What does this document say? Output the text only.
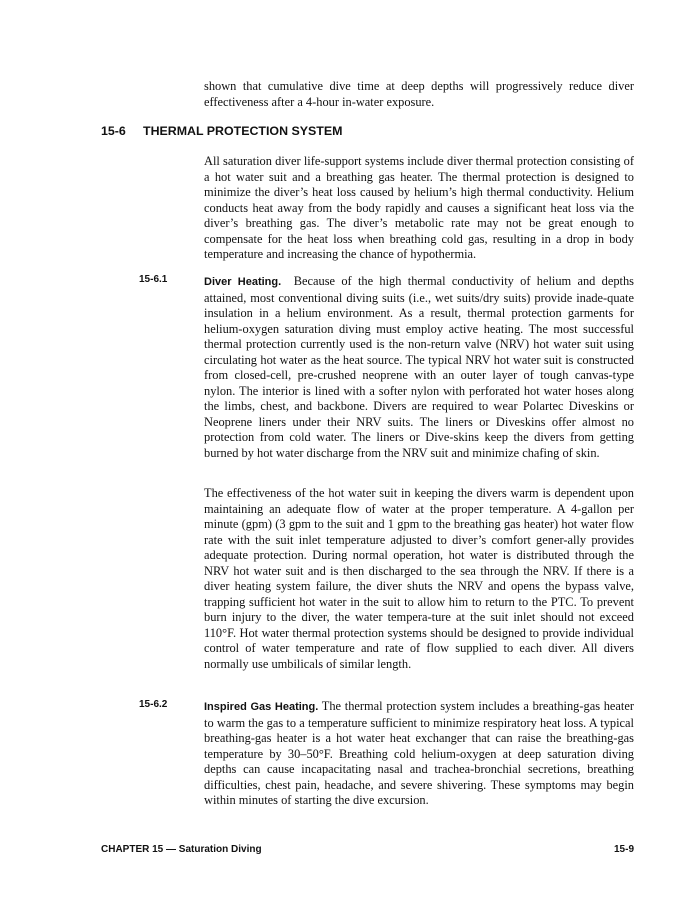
shown that cumulative dive time at deep depths will progressively reduce diver effectiveness after a 4-hour in-water exposure.

15-6 THERMAL PROTECTION SYSTEM

All saturation diver life-support systems include diver thermal protection consisting of a hot water suit and a breathing gas heater. The thermal protection is designed to minimize the diver’s heat loss caused by helium’s high thermal conductivity. Helium conducts heat away from the body rapidly and causes a significant heat loss via the diver’s breathing gas. The diver’s metabolic rate may not be great enough to compensate for the heat loss when breathing cold gas, resulting in a drop in body temperature and increasing the chance of hypothermia.

15-6.1	Diver Heating. Because of the high thermal conductivity of helium and depths attained, most conventional diving suits (i.e., wet suits/dry suits) provide inade-quate insulation in a helium environment. As a result, thermal protection garments for helium-oxygen saturation diving must employ active heating. The most successful thermal protection currently used is the non-return valve (NRV) hot water suit using circulating hot water as the heat source. The typical NRV hot water suit is constructed from closed-cell, pre-crushed neoprene with an outer layer of tough canvas-type nylon. The interior is lined with a softer nylon with perforated hot water hoses along the limbs, chest, and backbone. Divers are required to wear Polartec Diveskins or Neoprene liners under their NRV suits. The liners or Diveskins offer almost no protection from cold water. The liners or Dive-skins keep the divers from getting burned by hot water discharge from the NRV suit and minimize chafing of skin.

The effectiveness of the hot water suit in keeping the divers warm is dependent upon maintaining an adequate flow of water at the proper temperature. A 4-gallon per minute (gpm) (3 gpm to the suit and 1 gpm to the breathing gas heater) hot water flow rate with the suit inlet temperature adjusted to diver’s comfort gener-ally provides adequate protection. During normal operation, hot water is distributed through the NRV hot water suit and is then discharged to the sea through the NRV. If there is a diver heating system failure, the diver shuts the NRV and opens the bypass valve, trapping sufficient hot water in the suit to allow him to return to the PTC. To prevent burn injury to the diver, the water tempera-ture at the suit inlet should not exceed 110°F. Hot water thermal protection systems should be designed to provide individual control of water temperature and rate of flow supplied to each diver. All divers normally use umbilicals of similar length.

15-6.2	Inspired Gas Heating. The thermal protection system includes a breathing-gas heater to warm the gas to a temperature sufficient to minimize respiratory heat loss. A typical breathing-gas heater is a hot water heat exchanger that can raise the breathing-gas temperature by 30–50°F. Breathing cold helium-oxygen at deep saturation diving depths can cause incapacitating nasal and trachea-bronchial secretions, breathing difficulties, chest pain, headache, and severe shivering. These symptoms may begin within minutes of starting the dive excursion.

CHAPTER 15 — Saturation Diving	15-9
